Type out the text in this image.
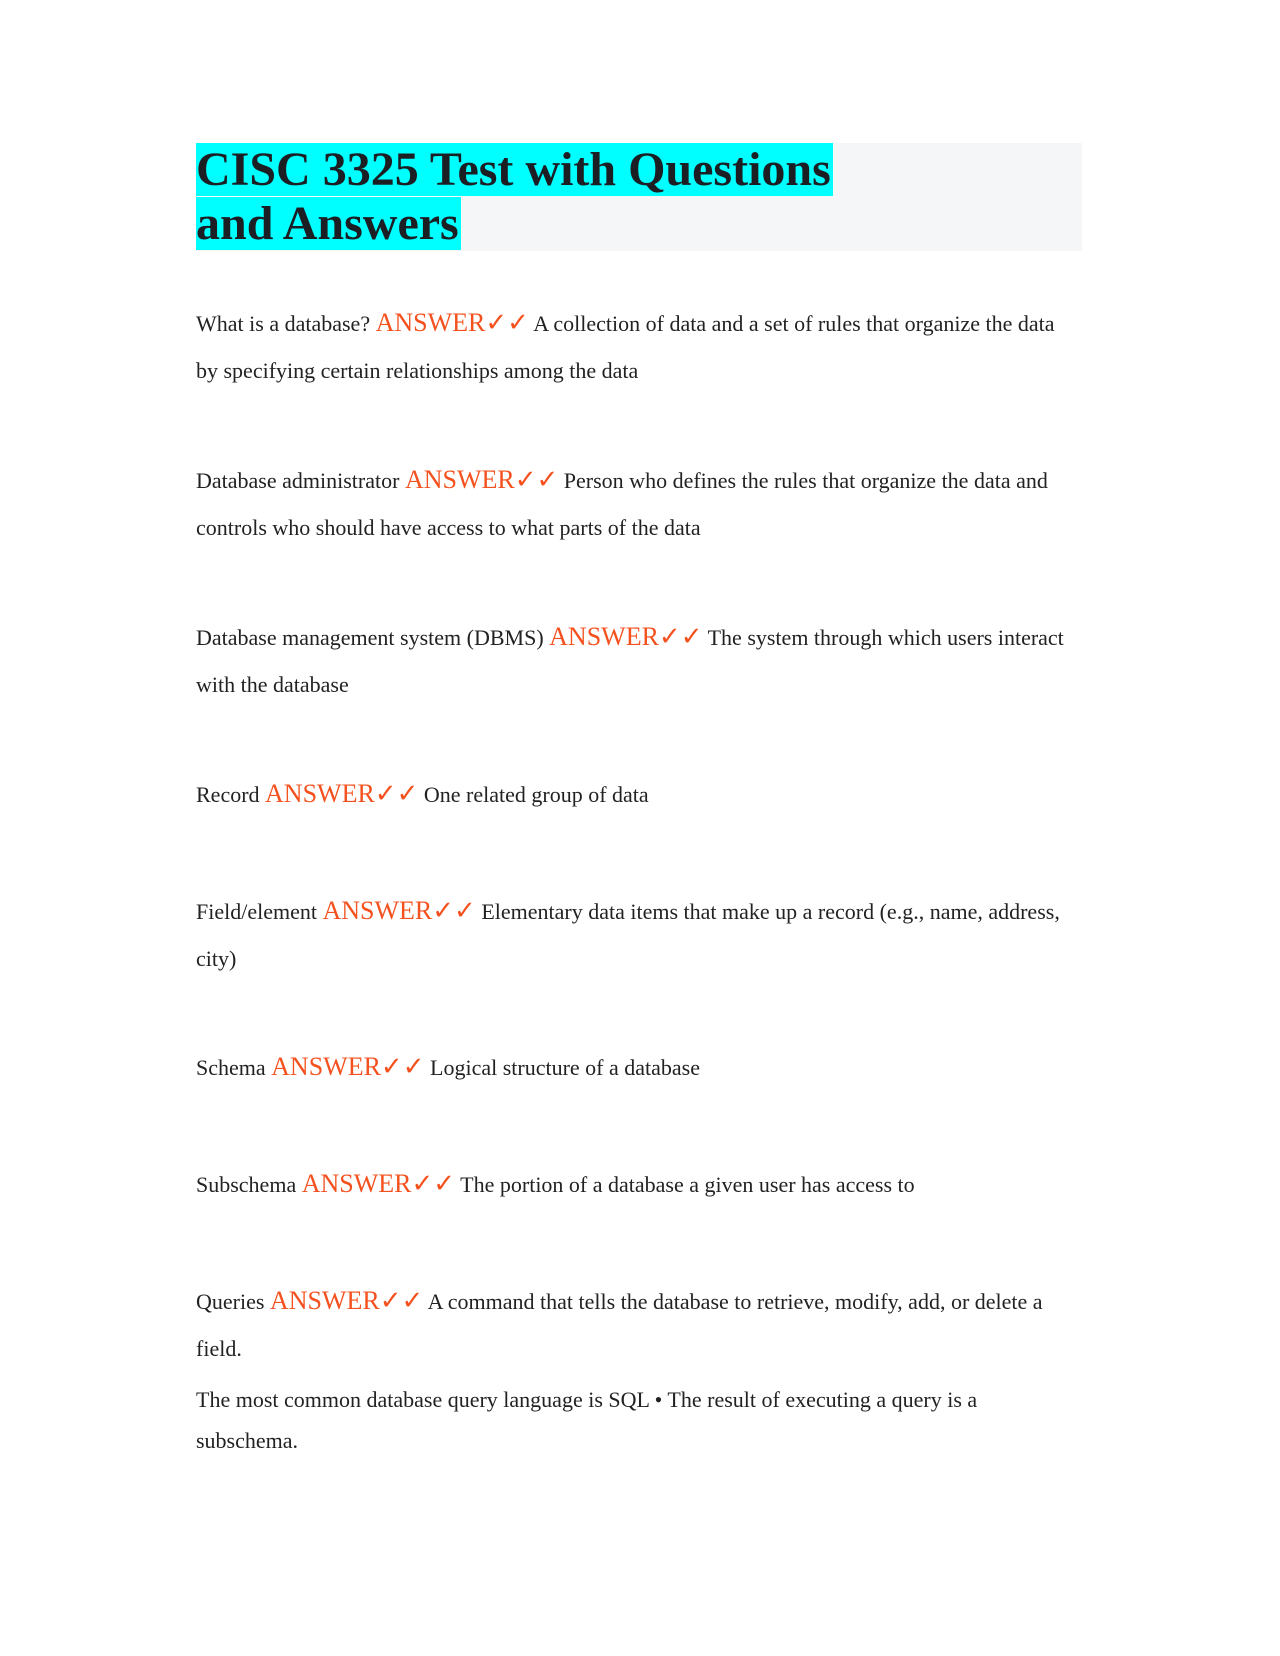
CISC 3325 Test with Questions and Answers

What is a database? ANSWER✓✓ A collection of data and a set of rules that organize the data by specifying certain relationships among the data

Database administrator ANSWER✓✓ Person who defines the rules that organize the data and controls who should have access to what parts of the data

Database management system (DBMS) ANSWER✓✓ The system through which users interact with the database

Record ANSWER✓✓ One related group of data

Field/element ANSWER✓✓ Elementary data items that make up a record (e.g., name, address, city)

Schema ANSWER✓✓ Logical structure of a database

Subschema ANSWER✓✓ The portion of a database a given user has access to

Queries ANSWER✓✓ A command that tells the database to retrieve, modify, add, or delete a field.

The most common database query language is SQL • The result of executing a query is a subschema.
